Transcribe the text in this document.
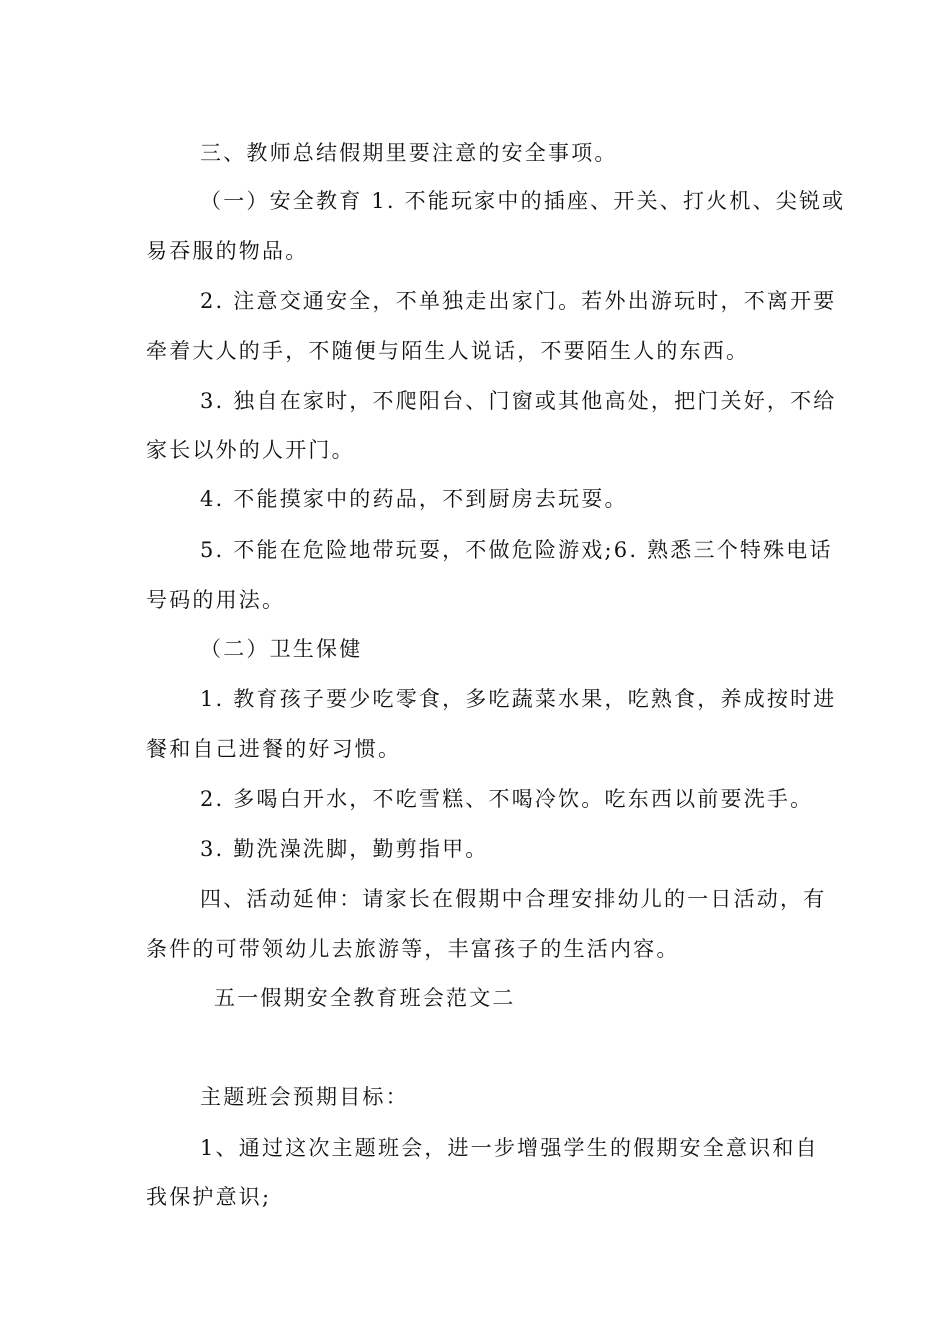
三、教师总结假期里要注意的安全事项。
（一）安全教育 1. 不能玩家中的插座、开关、打火机、尖锐或
易吞服的物品。
2. 注意交通安全，不单独走出家门。若外出游玩时，不离开要
牵着大人的手，不随便与陌生人说话，不要陌生人的东西。
3. 独自在家时，不爬阳台、门窗或其他高处，把门关好，不给
家长以外的人开门。
4. 不能摸家中的药品，不到厨房去玩耍。
5. 不能在危险地带玩耍，不做危险游戏;6. 熟悉三个特殊电话
号码的用法。
（二）卫生保健
1. 教育孩子要少吃零食，多吃蔬菜水果，吃熟食，养成按时进
餐和自己进餐的好习惯。
2. 多喝白开水，不吃雪糕、不喝冷饮。吃东西以前要洗手。
3. 勤洗澡洗脚，勤剪指甲。
四、活动延伸：请家长在假期中合理安排幼儿的一日活动，有
条件的可带领幼儿去旅游等，丰富孩子的生活内容。
五一假期安全教育班会范文二
主题班会预期目标：
1、通过这次主题班会，进一步增强学生的假期安全意识和自
我保护意识;
